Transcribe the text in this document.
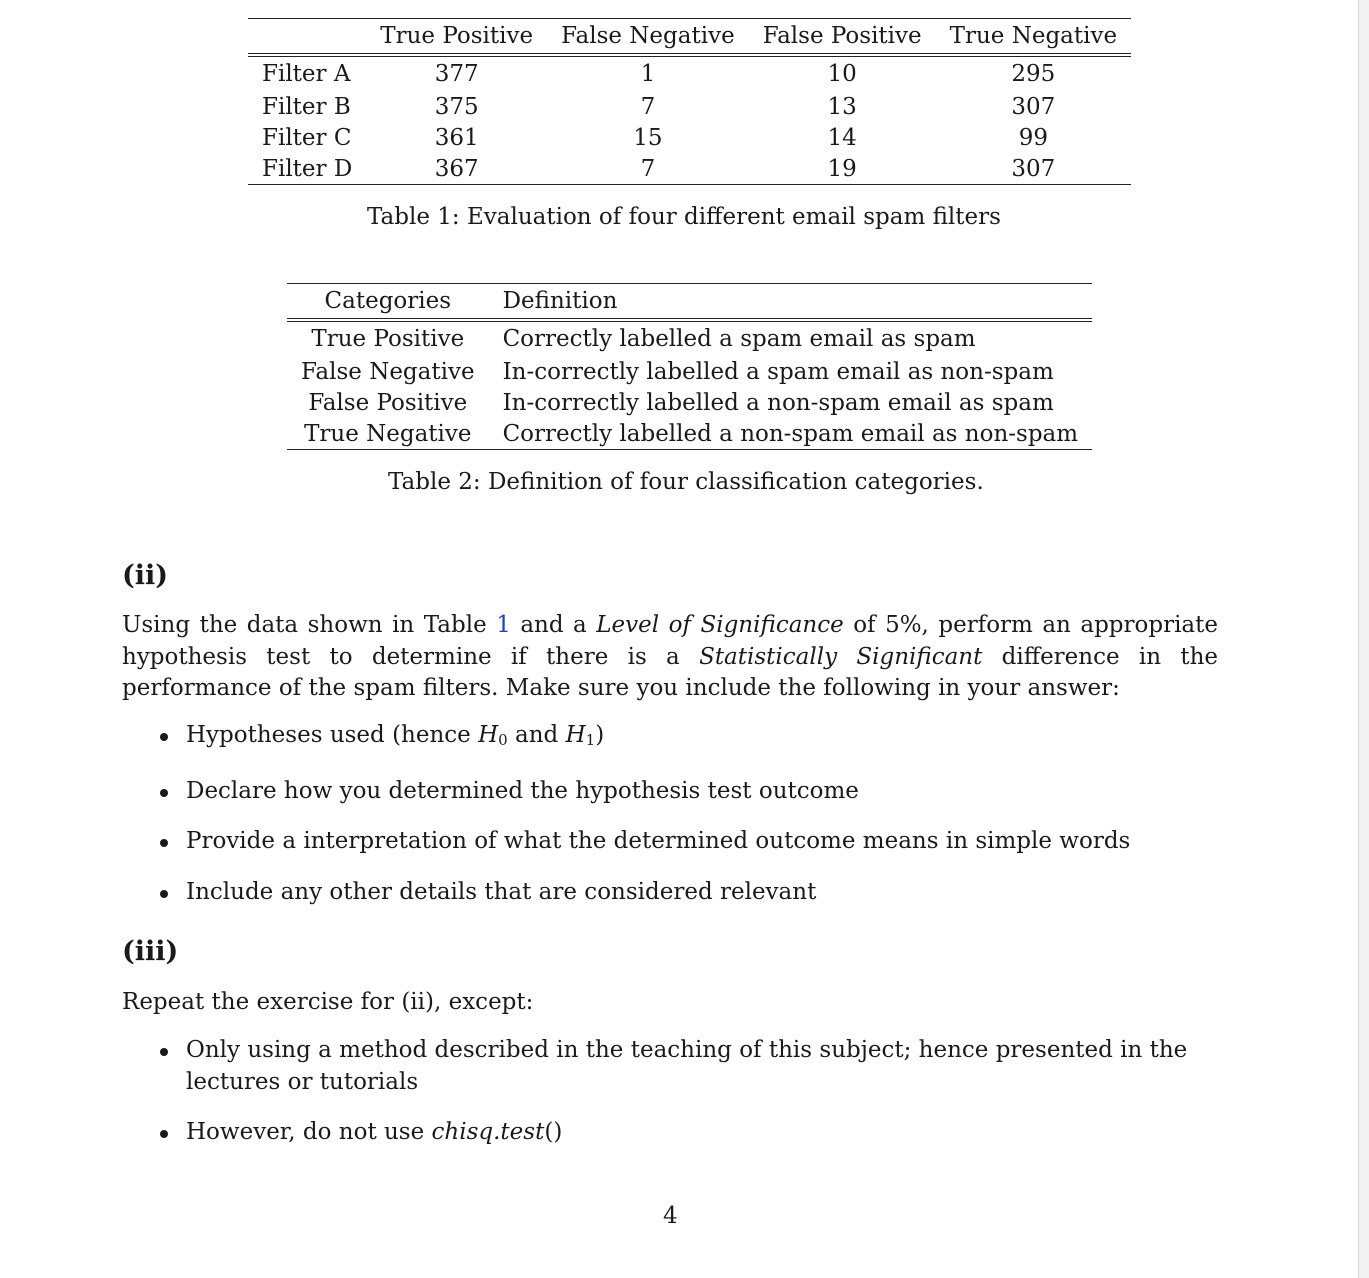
	True Positive	False Negative	False Positive	True Negative
Filter A	377	1	10	295
Filter B	375	7	13	307
Filter C	361	15	14	99
Filter D	367	7	19	307
Table 1: Evaluation of four different email spam filters
Categories	Definition
True Positive	Correctly labelled a spam email as spam
False Negative	In-correctly labelled a spam email as non-spam
False Positive	In-correctly labelled a non-spam email as spam
True Negative	Correctly labelled a non-spam email as non-spam
Table 2: Definition of four classification categories.
(ii)
Using the data shown in Table 1 and a Level of Significance of 5%, perform an appropriate hypothesis test to determine if there is a Statistically Significant difference in the performance of the spam filters. Make sure you include the following in your answer:
Hypotheses used (hence $H_0$ and $H_1$)
Declare how you determined the hypothesis test outcome
Provide a interpretation of what the determined outcome means in simple words
Include any other details that are considered relevant
(iii)
Repeat the exercise for (ii), except:
Only using a method described in the teaching of this subject; hence presented in the lectures or tutorials
However, do not use chisq.test()
4
